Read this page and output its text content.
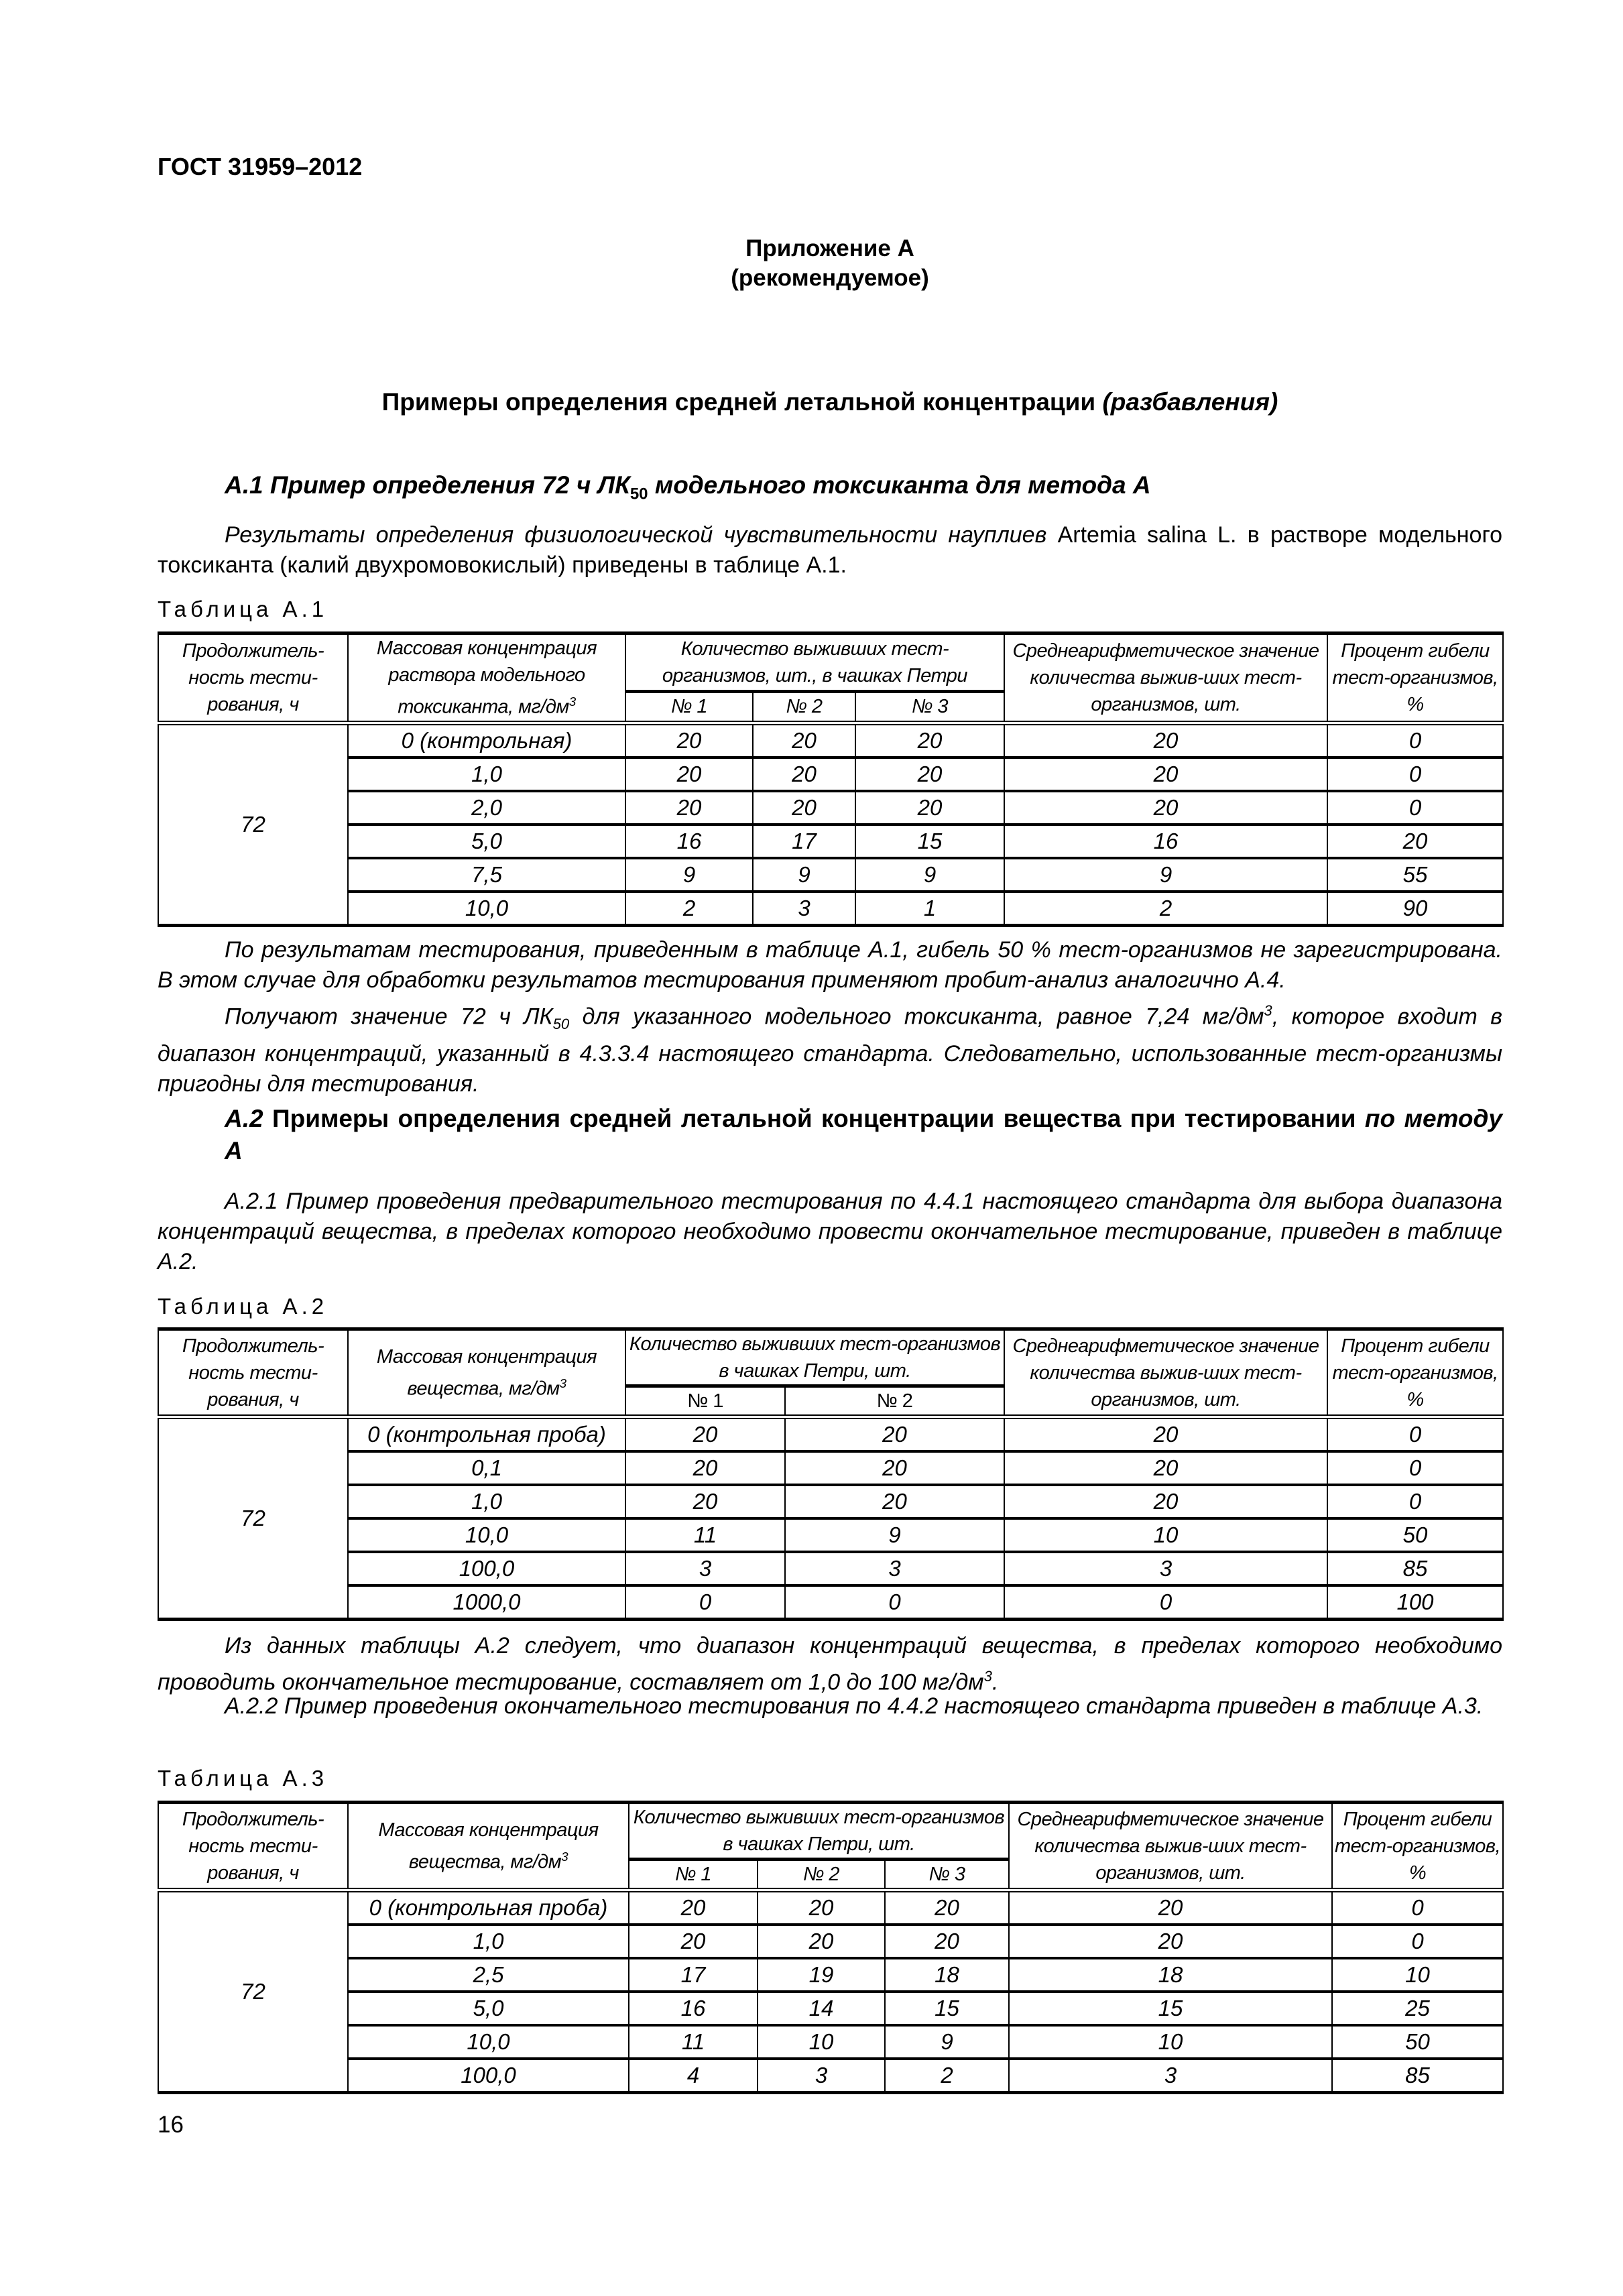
ГОСТ 31959–2012
Приложение А
(рекомендуемое)
Примеры определения средней летальной концентрации (разбавления)
А.1 Пример определения 72 ч $ЛК_{50}$ модельного токсиканта для метода А

Результаты определения физиологической чувствительности науплиев Artemia salina L. в растворе модельного токсиканта (калий двухромовокислый) приведены в таблице А.1.

Таблица А.1
Продолжитель-ность тести-рования, ч	Массовая концентрация раствора модельного токсиканта, $мг/дм^3$	Количество выживших тест-организмов, шт., в чашках Петри			Среднеарифметическое значение количества выжив-ших тест-организмов, шт.	Процент гибели тест-организмов, %
		№ 1	№ 2	№ 3		
72	0 (контрольная)	20	20	20	20	0
	1,0	20	20	20	20	0
	2,0	20	20	20	20	0
	5,0	16	17	15	16	20
	7,5	9	9	9	9	55
	10,0	2	3	1	2	90

По результатам тестирования, приведенным в таблице А.1, гибель 50 % тест-организмов не зарегистрирована. В этом случае для обработки результатов тестирования применяют пробит-анализ аналогично А.4.

Получают значение 72 ч $ЛК_{50}$ для указанного модельного токсиканта, равное 7,24 $мг/дм^3$, которое входит в диапазон концентраций, указанный в 4.3.3.4 настоящего стандарта. Следовательно, использованные тест-организмы пригодны для тестирования.

А.2 Примеры определения средней летальной концентрации вещества при тестировании по методу А

А.2.1 Пример проведения предварительного тестирования по 4.4.1 настоящего стандарта для выбора диапазона концентраций вещества, в пределах которого необходимо провести окончательное тестирование, приведен в таблице А.2.

Таблица А.2
Продолжитель-ность тести-рования, ч	Массовая концентрация вещества, $мг/дм^3$	Количество выживших тест-организмов в чашках Петри, шт.		Среднеарифметическое значение количества выжив-ших тест-организмов, шт.	Процент гибели тест-организмов, %
		№ 1	№ 2		
72	0 (контрольная проба)	20	20	20	0
	0,1	20	20	20	0
	1,0	20	20	20	0
	10,0	11	9	10	50
	100,0	3	3	3	85
	1000,0	0	0	0	100

Из данных таблицы А.2 следует, что диапазон концентраций вещества, в пределах которого необходимо проводить окончательное тестирование, составляет от 1,0 до 100 $мг/дм^3$.

А.2.2 Пример проведения окончательного тестирования по 4.4.2 настоящего стандарта приведен в таблице А.3.

Таблица А.3
Продолжитель-ность тести-рования, ч	Массовая концентрация вещества, $мг/дм^3$	Количество выживших тест-организмов в чашках Петри, шт.			Среднеарифметическое значение количества выжив-ших тест-организмов, шт.	Процент гибели тест-организмов, %
		№ 1	№ 2	№ 3		
72	0 (контрольная проба)	20	20	20	20	0
	1,0	20	20	20	20	0
	2,5	17	19	18	18	10
	5,0	16	14	15	15	25
	10,0	11	10	9	10	50
	100,0	4	3	2	3	85
16
